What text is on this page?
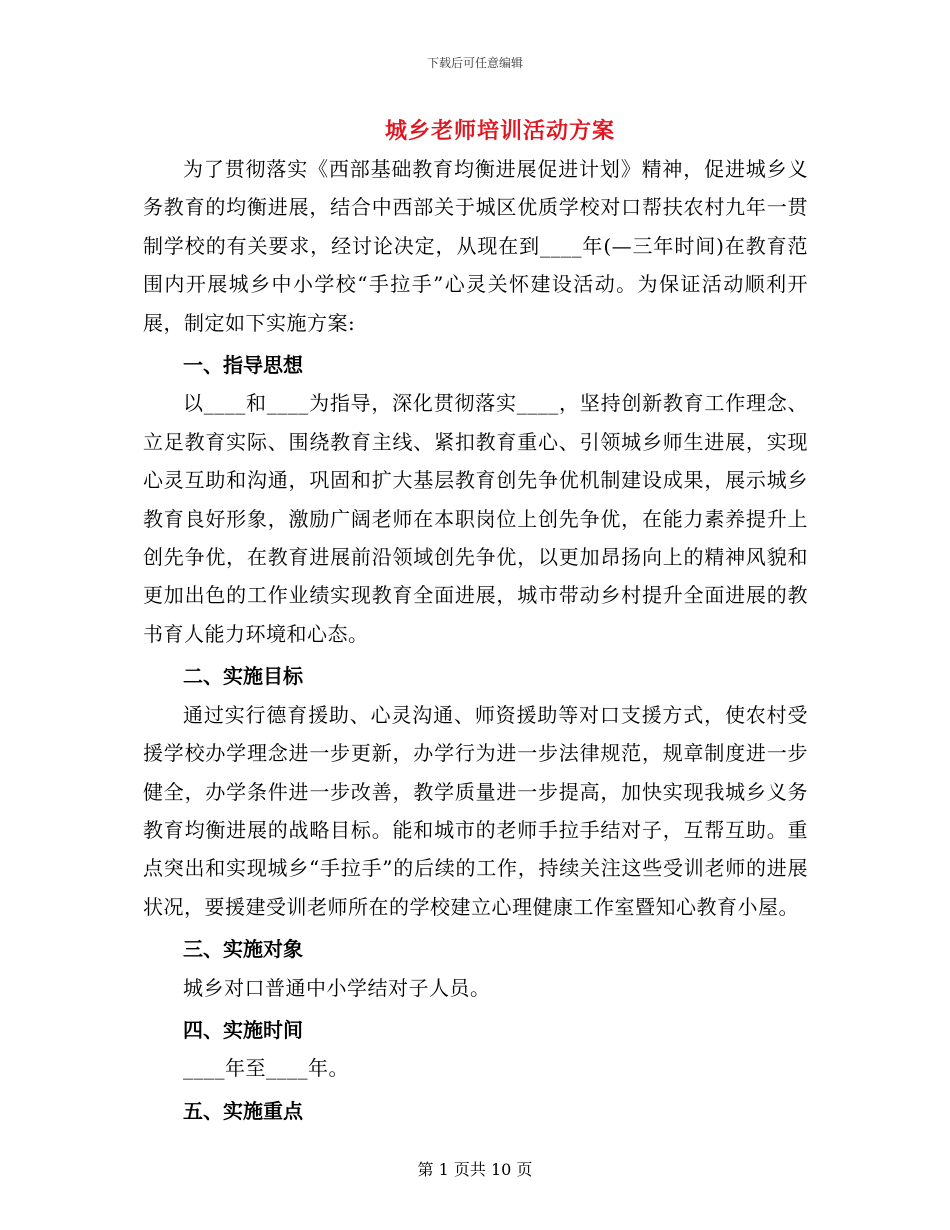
下载后可任意编辑
城乡老师培训活动方案

为了贯彻落实《西部基础教育均衡进展促进计划》精神，促进城乡义务教育的均衡进展，结合中西部关于城区优质学校对口帮扶农村九年一贯制学校的有关要求，经讨论决定，从现在到____年(—三年时间)在教育范围内开展城乡中小学校“手拉手”心灵关怀建设活动。为保证活动顺利开展，制定如下实施方案:

一、指导思想

以____和____为指导，深化贯彻落实____，坚持创新教育工作理念、立足教育实际、围绕教育主线、紧扣教育重心、引领城乡师生进展，实现心灵互助和沟通，巩固和扩大基层教育创先争优机制建设成果，展示城乡教育良好形象，激励广阔老师在本职岗位上创先争优，在能力素养提升上创先争优，在教育进展前沿领域创先争优，以更加昂扬向上的精神风貌和更加出色的工作业绩实现教育全面进展，城市带动乡村提升全面进展的教书育人能力环境和心态。

二、实施目标

通过实行德育援助、心灵沟通、师资援助等对口支援方式，使农村受援学校办学理念进一步更新，办学行为进一步法律规范，规章制度进一步健全，办学条件进一步改善，教学质量进一步提高，加快实现我城乡义务教育均衡进展的战略目标。能和城市的老师手拉手结对子，互帮互助。重点突出和实现城乡“手拉手”的后续的工作，持续关注这些受训老师的进展状况，要援建受训老师所在的学校建立心理健康工作室暨知心教育小屋。

三、实施对象

城乡对口普通中小学结对子人员。

四、实施时间

____年至____年。

五、实施重点
第 1 页共 10 页
